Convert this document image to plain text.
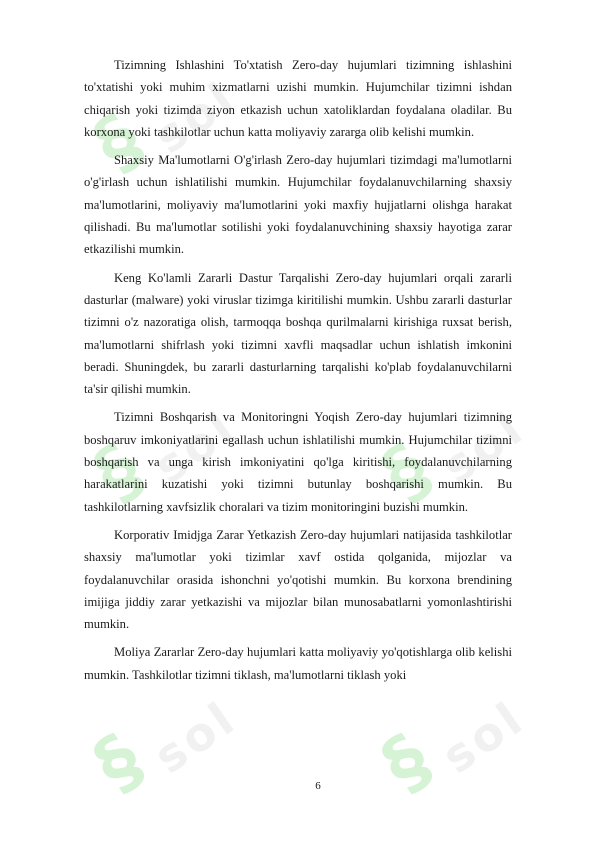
§
sol
§
sol
§
sol
§
sol
§
sol

Tizimning Ishlashini To'xtatish Zero-day hujumlari tizimning ishlashini to'xtatishi yoki muhim xizmatlarni uzishi mumkin. Hujumchilar tizimni ishdan chiqarish yoki tizimda ziyon etkazish uchun xatoliklardan foydalana oladilar. Bu korxona yoki tashkilotlar uchun katta moliyaviy zararga olib kelishi mumkin.

Shaxsiy Ma'lumotlarni O'g'irlash Zero-day hujumlari tizimdagi ma'lumotlarni o'g'irlash uchun ishlatilishi mumkin. Hujumchilar foydalanuvchilarning shaxsiy ma'lumotlarini, moliyaviy ma'lumotlarini yoki maxfiy hujjatlarni olishga harakat qilishadi. Bu ma'lumotlar sotilishi yoki foydalanuvchining shaxsiy hayotiga zarar etkazilishi mumkin.

Keng Ko'lamli Zararli Dastur Tarqalishi Zero-day hujumlari orqali zararli dasturlar (malware) yoki viruslar tizimga kiritilishi mumkin. Ushbu zararli dasturlar tizimni o'z nazoratiga olish, tarmoqqa boshqa qurilmalarni kirishiga ruxsat berish, ma'lumotlarni shifrlash yoki tizimni xavfli maqsadlar uchun ishlatish imkonini beradi. Shuningdek, bu zararli dasturlarning tarqalishi ko'plab foydalanuvchilarni ta'sir qilishi mumkin.

Tizimni Boshqarish va Monitoringni Yoqish Zero-day hujumlari tizimning boshqaruv imkoniyatlarini egallash uchun ishlatilishi mumkin. Hujumchilar tizimni boshqarish va unga kirish imkoniyatini qo'lga kiritishi, foydalanuvchilarning harakatlarini kuzatishi yoki tizimni butunlay boshqarishi mumkin. Bu tashkilotlarning xavfsizlik choralari va tizim monitoringini buzishi mumkin.

Korporativ Imidjga Zarar Yetkazish Zero-day hujumlari natijasida tashkilotlar shaxsiy ma'lumotlar yoki tizimlar xavf ostida qolganida, mijozlar va foydalanuvchilar orasida ishonchni yo'qotishi mumkin. Bu korxona brendining imijiga jiddiy zarar yetkazishi va mijozlar bilan munosabatlarni yomonlashtirishi mumkin.

Moliya Zararlar Zero-day hujumlari katta moliyaviy yo'qotishlarga olib kelishi mumkin. Tashkilotlar tizimni tiklash, ma'lumotlarni tiklash yoki

6
